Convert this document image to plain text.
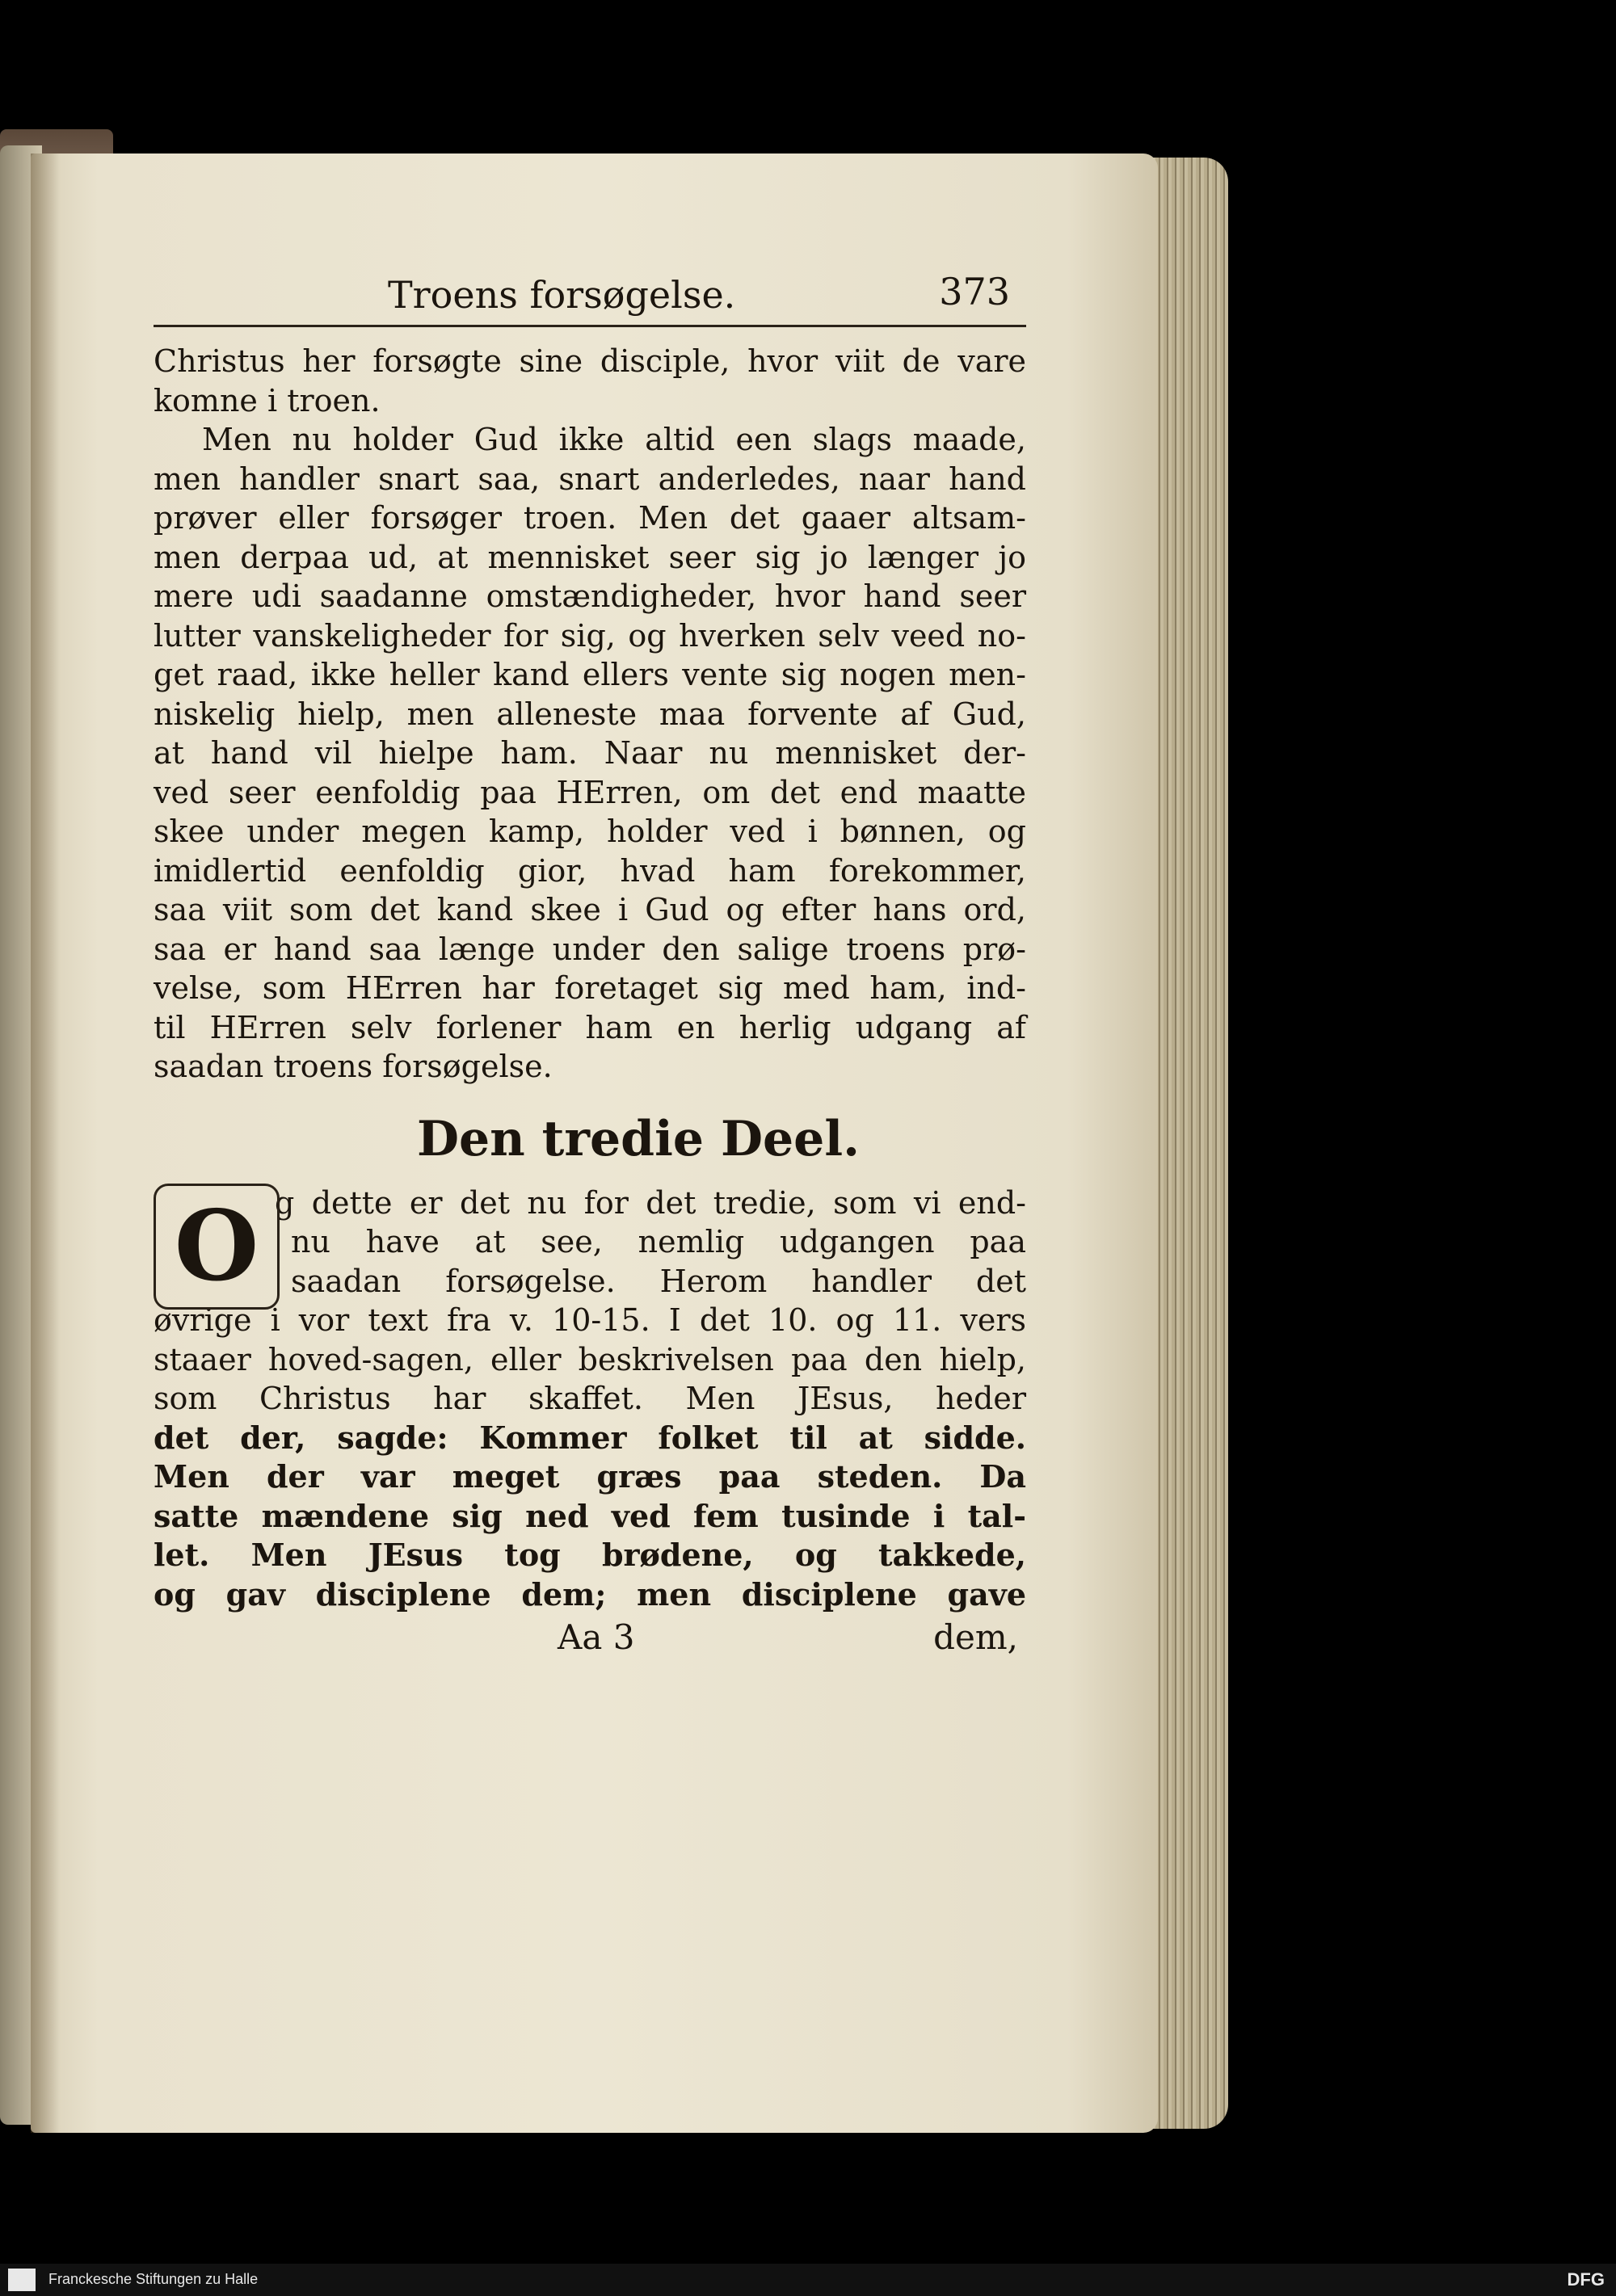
Troens forsøgelse.	373
Christus her forsøgte sine disciple, hvor viit de vare
komne i troen.
Men nu holder Gud ikke altid een slags maade,
men handler snart saa, snart anderledes, naar hand
prøver eller forsøger troen. Men det gaaer altsam-
men derpaa ud, at mennisket seer sig jo længer jo
mere udi saadanne omstændigheder, hvor hand seer
lutter vanskeligheder for sig, og hverken selv veed no-
get raad, ikke heller kand ellers vente sig nogen men-
niskelig hielp, men alleneste maa forvente af Gud,
at hand vil hielpe ham. Naar nu mennisket der-
ved seer eenfoldig paa HErren, om det end maatte
skee under megen kamp, holder ved i bønnen, og
imidlertid eenfoldig gior, hvad ham forekommer,
saa viit som det kand skee i Gud og efter hans ord,
saa er hand saa længe under den salige troens prø-
velse, som HErren har foretaget sig med ham, ind-
til HErren selv forlener ham en herlig udgang af
saadan troens forsøgelse.
Den tredie Deel.
O g dette er det nu for det tredie, som vi end-
nu have at see, nemlig udgangen paa
saadan forsøgelse. Herom handler det
øvrige i vor text fra v. 10-15. I det 10. og 11. vers
staaer hoved-sagen, eller beskrivelsen paa den hielp,
som Christus har skaffet. Men JEsus, heder
det der, sagde: Kommer folket til at sidde.
Men der var meget græs paa steden. Da
satte mændene sig ned ved fem tusinde i tal-
let. Men JEsus tog brødene, og takkede,
og gav disciplene dem; men disciplene gave
Aa 3	dem,
Franckesche Stiftungen zu Halle	DFG
